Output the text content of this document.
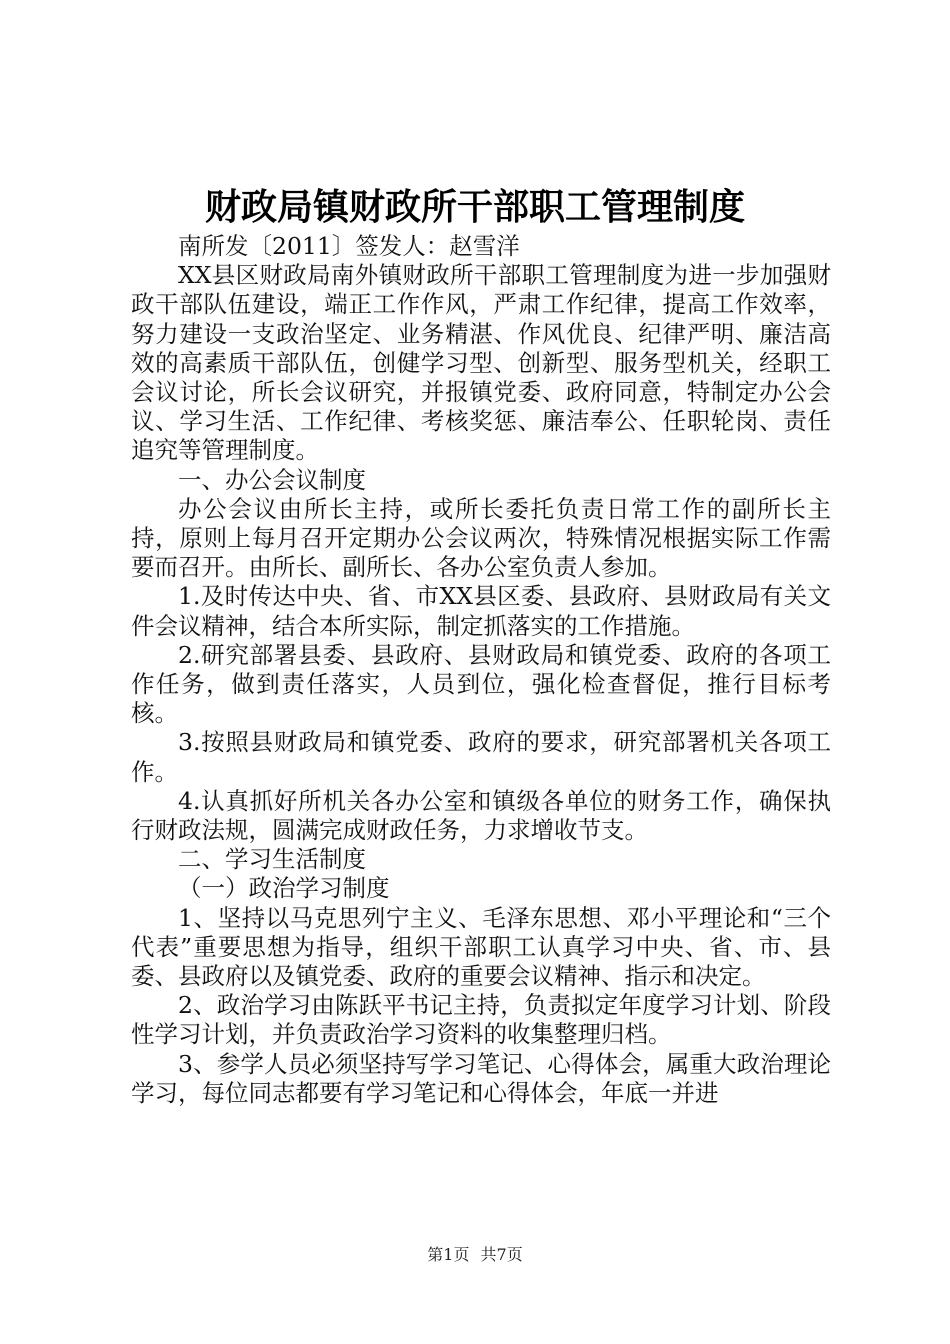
财政局镇财政所干部职工管理制度

南所发〔2011〕签发人：赵雪洋

XX县区财政局南外镇财政所干部职工管理制度为进一步加强财政干部队伍建设，端正工作作风，严肃工作纪律，提高工作效率，努力建设一支政治坚定、业务精湛、作风优良、纪律严明、廉洁高效的高素质干部队伍，创健学习型、创新型、服务型机关，经职工会议讨论，所长会议研究，并报镇党委、政府同意，特制定办公会议、学习生活、工作纪律、考核奖惩、廉洁奉公、任职轮岗、责任追究等管理制度。

一、办公会议制度

办公会议由所长主持，或所长委托负责日常工作的副所长主持，原则上每月召开定期办公会议两次，特殊情况根据实际工作需要而召开。由所长、副所长、各办公室负责人参加。

1.及时传达中央、省、市XX县区委、县政府、县财政局有关文件会议精神，结合本所实际，制定抓落实的工作措施。

2.研究部署县委、县政府、县财政局和镇党委、政府的各项工作任务，做到责任落实，人员到位，强化检查督促，推行目标考核。

3.按照县财政局和镇党委、政府的要求，研究部署机关各项工作。

4.认真抓好所机关各办公室和镇级各单位的财务工作，确保执行财政法规，圆满完成财政任务，力求增收节支。

二、学习生活制度

（一）政治学习制度

1、坚持以马克思列宁主义、毛泽东思想、邓小平理论和“三个代表”重要思想为指导，组织干部职工认真学习中央、省、市、县委、县政府以及镇党委、政府的重要会议精神、指示和决定。

2、政治学习由陈跃平书记主持，负责拟定年度学习计划、阶段性学习计划，并负责政治学习资料的收集整理归档。

3、参学人员必须坚持写学习笔记、心得体会，属重大政治理论学习，每位同志都要有学习笔记和心得体会，年底一并进

第1页 共7页
